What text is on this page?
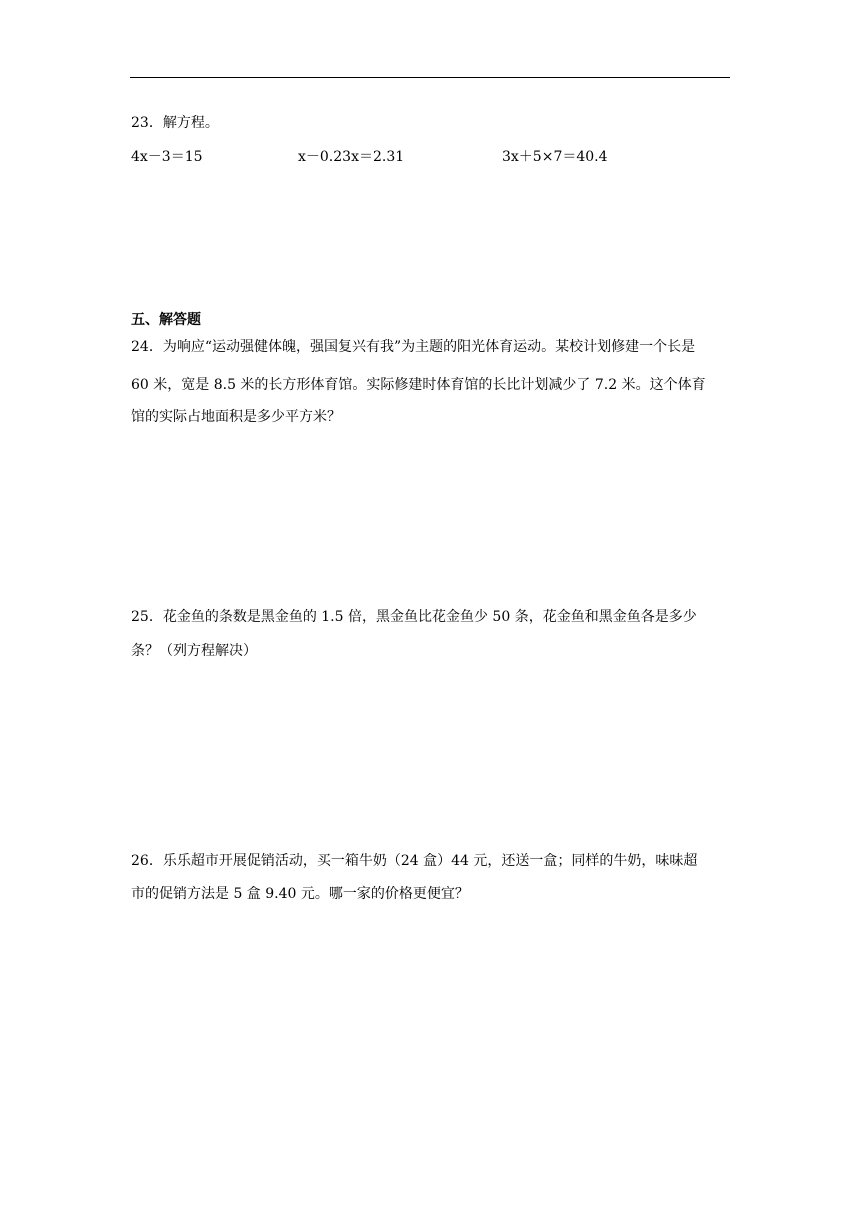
23．解方程。
4x－3＝15	x－0.23x＝2.31	3x＋5×7＝40.4
五、解答题
24．为响应“运动强健体魄，强国复兴有我”为主题的阳光体育运动。某校计划修建一个长是
60 米，宽是 8.5 米的长方形体育馆。实际修建时体育馆的长比计划减少了 7.2 米。这个体育
馆的实际占地面积是多少平方米？
25．花金鱼的条数是黑金鱼的 1.5 倍，黑金鱼比花金鱼少 50 条，花金鱼和黑金鱼各是多少
条？（列方程解决）
26．乐乐超市开展促销活动，买一箱牛奶（24 盒）44 元，还送一盒；同样的牛奶，味味超
市的促销方法是 5 盒 9.40 元。哪一家的价格更便宜？
